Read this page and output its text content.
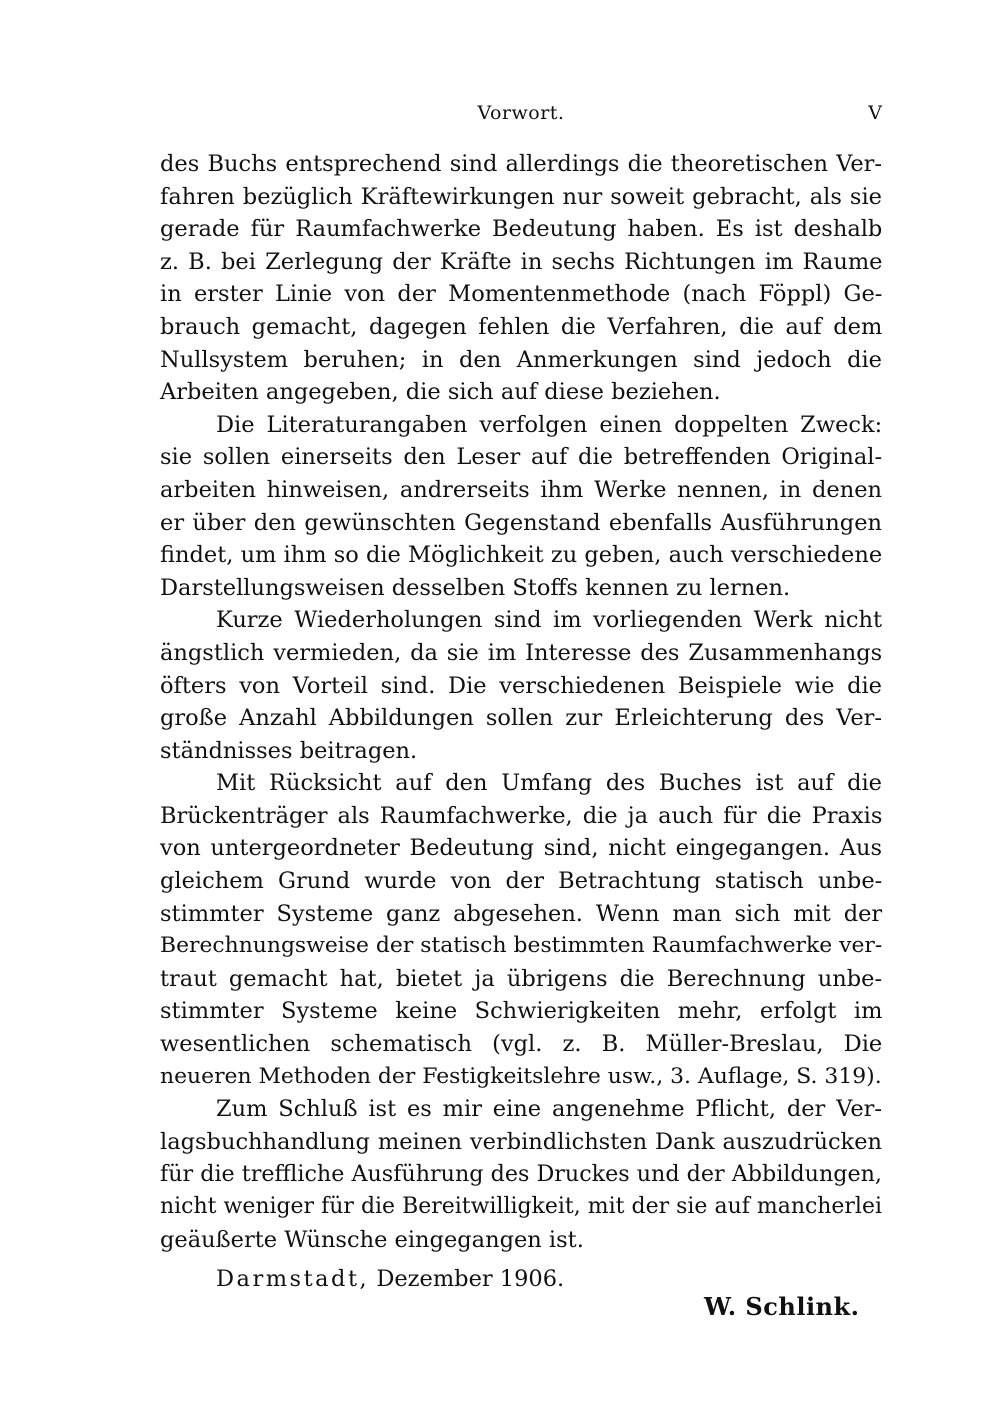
Vorwort.	V

des Buchs entsprechend sind allerdings die theoretischen Ver-
fahren bezüglich Kräftewirkungen nur soweit gebracht, als sie
gerade für Raumfachwerke Bedeutung haben. Es ist deshalb
z. B. bei Zerlegung der Kräfte in sechs Richtungen im Raume
in erster Linie von der Momentenmethode (nach Föppl) Ge-
brauch gemacht, dagegen fehlen die Verfahren, die auf dem
Nullsystem beruhen; in den Anmerkungen sind jedoch die
Arbeiten angegeben, die sich auf diese beziehen.

Die Literaturangaben verfolgen einen doppelten Zweck:
sie sollen einerseits den Leser auf die betreffenden Original-
arbeiten hinweisen, andrerseits ihm Werke nennen, in denen
er über den gewünschten Gegenstand ebenfalls Ausführungen
findet, um ihm so die Möglichkeit zu geben, auch verschiedene
Darstellungsweisen desselben Stoffs kennen zu lernen.

Kurze Wiederholungen sind im vorliegenden Werk nicht
ängstlich vermieden, da sie im Interesse des Zusammenhangs
öfters von Vorteil sind. Die verschiedenen Beispiele wie die
große Anzahl Abbildungen sollen zur Erleichterung des Ver-
ständnisses beitragen.

Mit Rücksicht auf den Umfang des Buches ist auf die
Brückenträger als Raumfachwerke, die ja auch für die Praxis
von untergeordneter Bedeutung sind, nicht eingegangen. Aus
gleichem Grund wurde von der Betrachtung statisch unbe-
stimmter Systeme ganz abgesehen. Wenn man sich mit der
Berechnungsweise der statisch bestimmten Raumfachwerke ver-
traut gemacht hat, bietet ja übrigens die Berechnung unbe-
stimmter Systeme keine Schwierigkeiten mehr, erfolgt im
wesentlichen schematisch (vgl. z. B. Müller-Breslau, Die
neueren Methoden der Festigkeitslehre usw., 3. Auflage, S. 319).

Zum Schluß ist es mir eine angenehme Pflicht, der Ver-
lagsbuchhandlung meinen verbindlichsten Dank auszudrücken
für die treffliche Ausführung des Druckes und der Abbildungen,
nicht weniger für die Bereitwilligkeit, mit der sie auf mancherlei
geäußerte Wünsche eingegangen ist.

Darmstadt, Dezember 1906.
W. Schlink.
